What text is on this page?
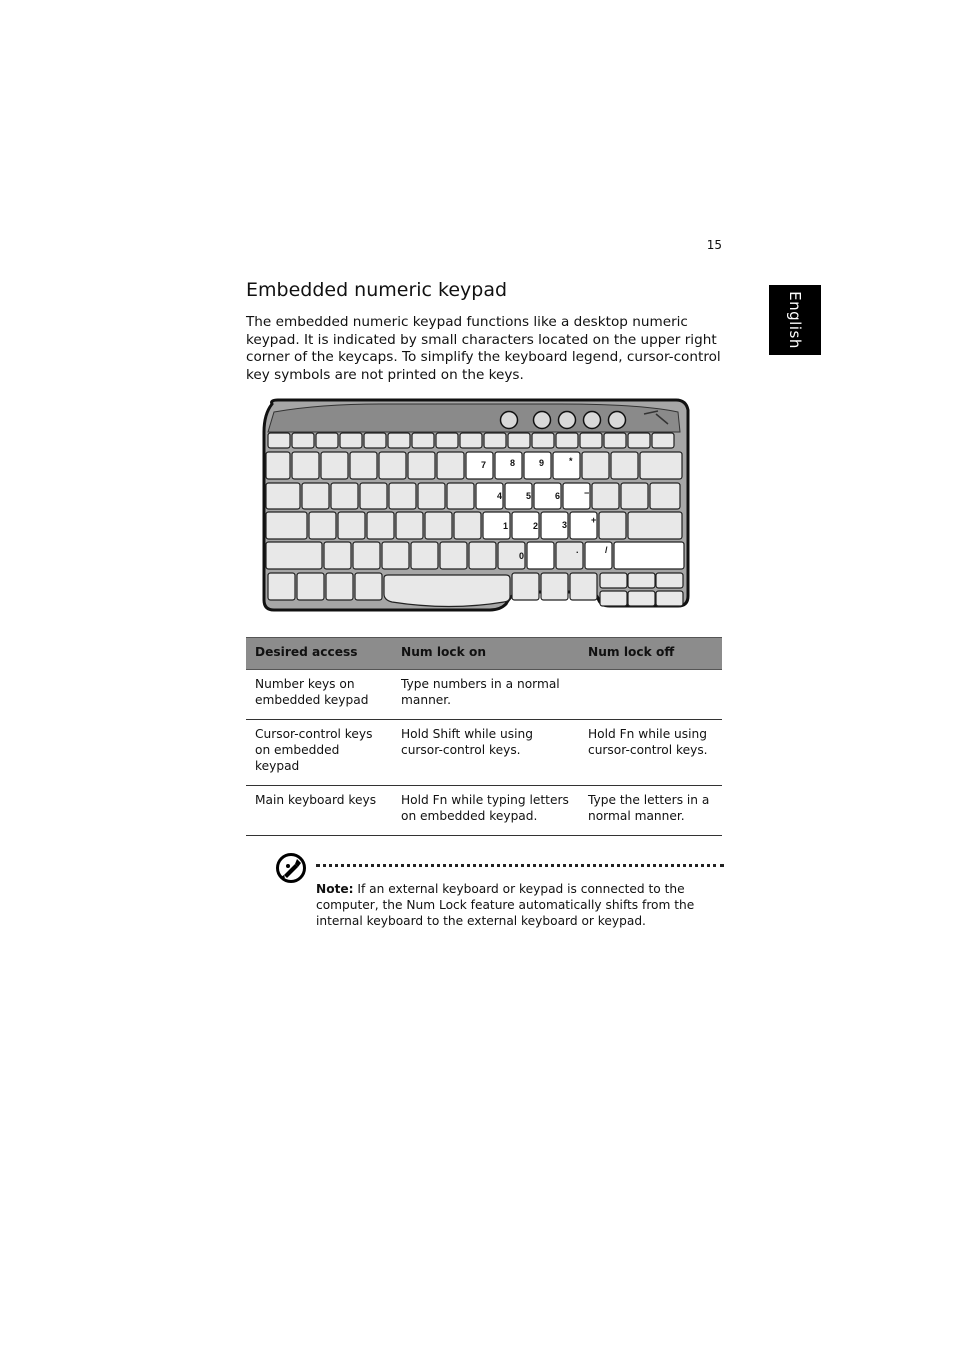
15
English
Embedded numeric keypad

The embedded numeric keypad functions like a desktop numeric keypad. It is indicated by small characters located on the upper right corner of the keycaps. To simplify the keyboard legend, cursor-control key symbols are not printed on the keys.

7	8	9	*
4	5	6	−
1	2	3	+
0
.	/
Desired access	Num lock on	Num lock off
Number keys on embedded keypad	Type numbers in a normal manner.	
Cursor-control keys on embedded keypad	Hold Shift while using cursor-control keys.	Hold Fn while using cursor-control keys.
Main keyboard keys	Hold Fn while typing letters on embedded keypad.	Type the letters in a normal manner.

Note: If an external keyboard or keypad is connected to the computer, the Num Lock feature automatically shifts from the internal keyboard to the external keyboard or keypad.
